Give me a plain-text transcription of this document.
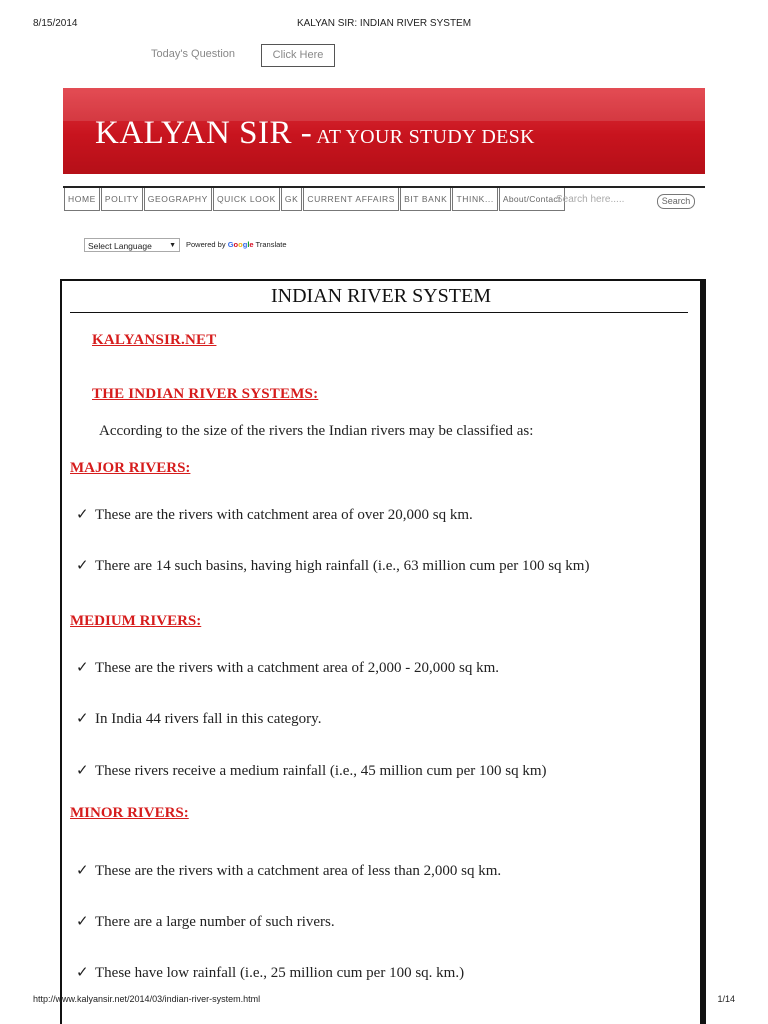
8/15/2014	KALYAN SIR: INDIAN RIVER SYSTEM
Today's Question	Click Here
KALYAN SIR - AT YOUR STUDY DESK
HOME	POLITY	GEOGRAPHY	QUICK LOOK	GK	CURRENT AFFAIRS	BIT BANK	THINK...	About/Contact
Search here.....	Search
Select Language ▼ Powered by Google Translate
INDIAN RIVER SYSTEM
KALYANSIR.NET
THE INDIAN RIVER SYSTEMS:
According to the size of the rivers the Indian rivers may be classified as:
MAJOR RIVERS:
✓ These are the rivers with catchment area of over 20,000 sq km.
✓ There are 14 such basins, having high rainfall (i.e., 63 million cum per 100 sq km)
MEDIUM RIVERS:
✓ These are the rivers with a catchment area of 2,000 - 20,000 sq km.
✓ In India 44 rivers fall in this category.
✓ These rivers receive a medium rainfall (i.e., 45 million cum per 100 sq km)
MINOR RIVERS:
✓ These are the rivers with a catchment area of less than 2,000 sq km.
✓ There are a large number of such rivers.
✓ These have low rainfall (i.e., 25 million cum per 100 sq. km.)
http://www.kalyansir.net/2014/03/indian-river-system.html	1/14
